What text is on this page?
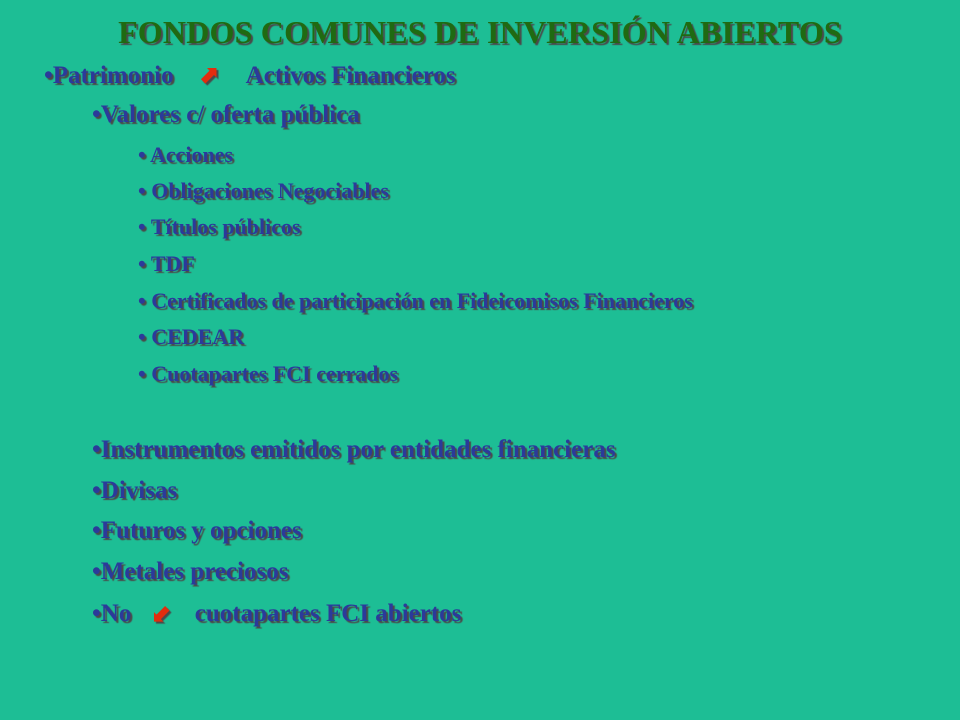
FONDOS COMUNES DE INVERSIÓN ABIERTOS
•Patrimonio ⬈ Activos Financieros
•Valores c/ oferta pública
• Acciones
• Obligaciones Negociables
• Títulos públicos
• TDF
• Certificados de participación en Fideicomisos Financieros
• CEDEAR
• Cuotapartes FCI cerrados
•Instrumentos emitidos por entidades financieras
•Divisas
•Futuros y opciones
•Metales preciosos
•No ⬋ cuotapartes FCI abiertos
